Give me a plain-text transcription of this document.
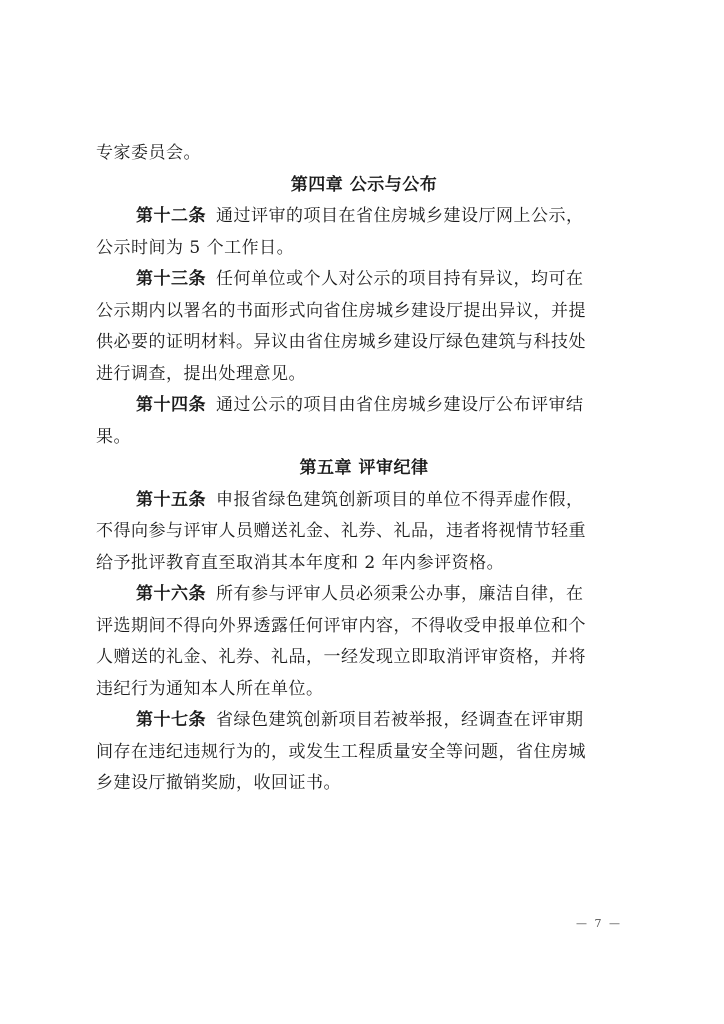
专家委员会。
第四章 公示与公布
第十二条 通过评审的项目在省住房城乡建设厅网上公示，
公示时间为 5 个工作日。
第十三条 任何单位或个人对公示的项目持有异议，均可在
公示期内以署名的书面形式向省住房城乡建设厅提出异议，并提
供必要的证明材料。异议由省住房城乡建设厅绿色建筑与科技处
进行调查，提出处理意见。
第十四条 通过公示的项目由省住房城乡建设厅公布评审结
果。
第五章 评审纪律
第十五条 申报省绿色建筑创新项目的单位不得弄虚作假，
不得向参与评审人员赠送礼金、礼券、礼品，违者将视情节轻重
给予批评教育直至取消其本年度和 2 年内参评资格。
第十六条 所有参与评审人员必须秉公办事，廉洁自律，在
评选期间不得向外界透露任何评审内容，不得收受申报单位和个
人赠送的礼金、礼券、礼品，一经发现立即取消评审资格，并将
违纪行为通知本人所在单位。
第十七条 省绿色建筑创新项目若被举报，经调查在评审期
间存在违纪违规行为的，或发生工程质量安全等问题，省住房城
乡建设厅撤销奖励，收回证书。
— 7 —
